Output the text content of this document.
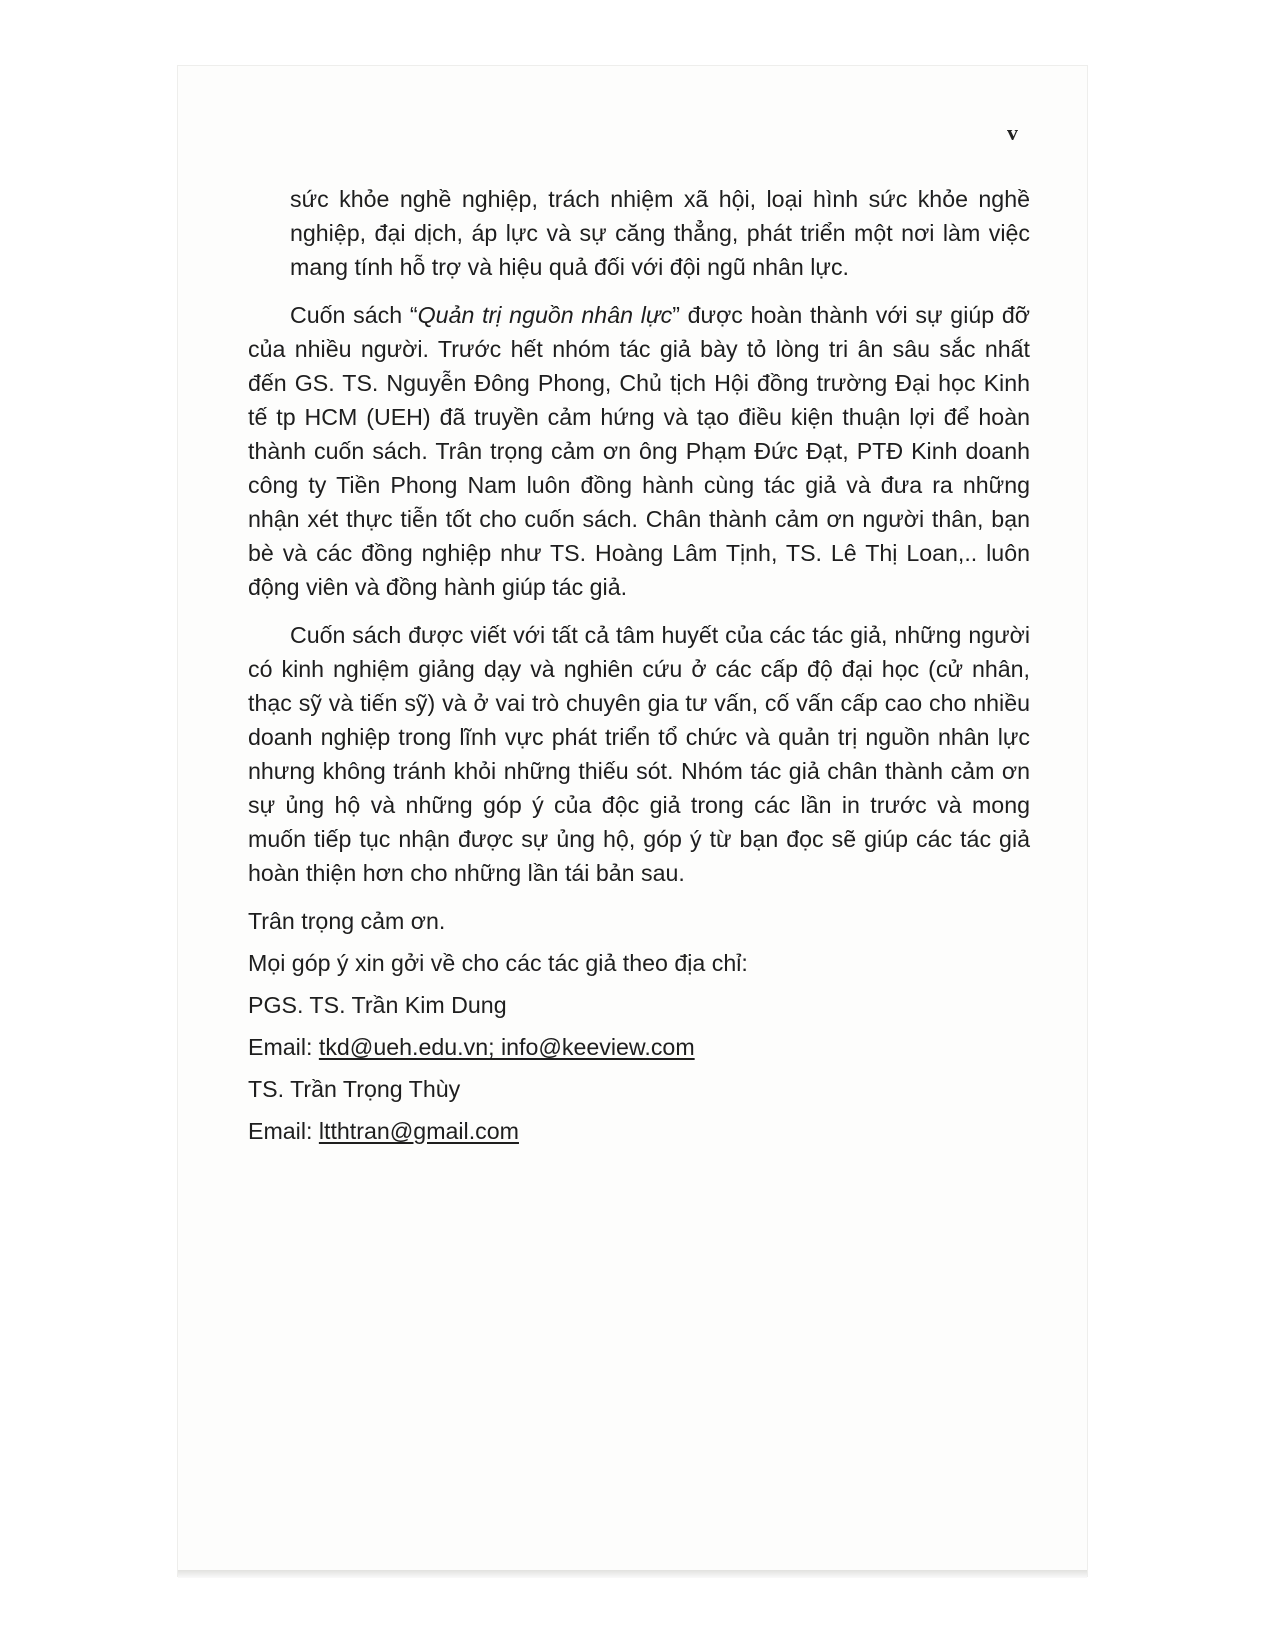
v

sức khỏe nghề nghiệp, trách nhiệm xã hội, loại hình sức khỏe nghề nghiệp, đại dịch, áp lực và sự căng thẳng, phát triển một nơi làm việc mang tính hỗ trợ và hiệu quả đối với đội ngũ nhân lực.

Cuốn sách “Quản trị nguồn nhân lực” được hoàn thành với sự giúp đỡ của nhiều người. Trước hết nhóm tác giả bày tỏ lòng tri ân sâu sắc nhất đến GS. TS. Nguyễn Đông Phong, Chủ tịch Hội đồng trường Đại học Kinh tế tp HCM (UEH) đã truyền cảm hứng và tạo điều kiện thuận lợi để hoàn thành cuốn sách. Trân trọng cảm ơn ông Phạm Đức Đạt, PTĐ Kinh doanh công ty Tiền Phong Nam luôn đồng hành cùng tác giả và đưa ra những nhận xét thực tiễn tốt cho cuốn sách. Chân thành cảm ơn người thân, bạn bè và các đồng nghiệp như TS. Hoàng Lâm Tịnh, TS. Lê Thị Loan,.. luôn động viên và đồng hành giúp tác giả.

Cuốn sách được viết với tất cả tâm huyết của các tác giả, những người có kinh nghiệm giảng dạy và nghiên cứu ở các cấp độ đại học (cử nhân, thạc sỹ và tiến sỹ) và ở vai trò chuyên gia tư vấn, cố vấn cấp cao cho nhiều doanh nghiệp trong lĩnh vực phát triển tổ chức và quản trị nguồn nhân lực nhưng không tránh khỏi những thiếu sót. Nhóm tác giả chân thành cảm ơn sự ủng hộ và những góp ý của độc giả trong các lần in trước và mong muốn tiếp tục nhận được sự ủng hộ, góp ý từ bạn đọc sẽ giúp các tác giả hoàn thiện hơn cho những lần tái bản sau.

Trân trọng cảm ơn.

Mọi góp ý xin gởi về cho các tác giả theo địa chỉ:

PGS. TS. Trần Kim Dung

Email: tkd@ueh.edu.vn; info@keeview.com

TS. Trần Trọng Thùy

Email: ltthtran@gmail.com
